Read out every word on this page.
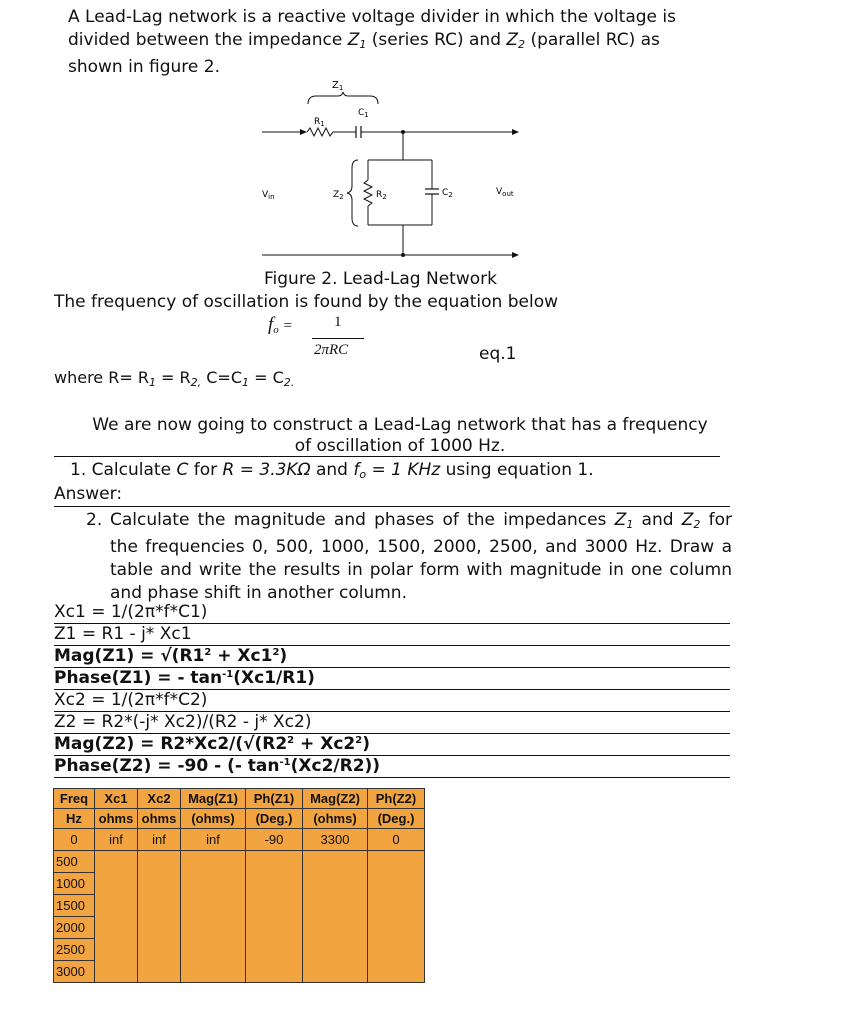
A Lead-Lag network is a reactive voltage divider in which the voltage is
divided between the impedance $Z_1$ (series RC) and $Z_2$ (parallel RC) as
shown in figure 2.
$Z_1$
$R_1$
$C_1$
$R_2$	$C_2$
$Z_2$
$V_{in}$	$V_{out}$
Figure 2. Lead-Lag Network
The frequency of oscillation is found by the equation below
fo =	1
2πRC	eq.1
where $R= R_1 = R_{2,}$ $C=C_1 = C_{2.}$
We are now going to construct a Lead-Lag network that has a frequency
of oscillation of 1000 Hz.
1. Calculate C for R = 3.3KΩ and $f_o = 1$ KHz using equation 1.
Answer:
2. Calculate the magnitude and phases of the impedances $Z_1$ and $Z_2$ for the frequencies 0, 500, 1000, 1500, 2000, 2500, and 3000 Hz. Draw a table and write the results in polar form with magnitude in one column and phase shift in another column.
Xc1 = 1/(2π*f*C1)
Z1 = R1 - j* Xc1
$Mag(Z1) = √(R1^2 + Xc1^2)$
Phase(Z1) = - $\tan^{-1}(Xc1/R1)$
Xc2 = 1/(2π*f*C2)
Z2 = R2*(-j* Xc2)/(R2 - j* Xc2)
$Mag(Z2) = R2*Xc2/(√(R2^2 + Xc2^2)$
Phase(Z2) = -90 - (- $\tan^{-1}(Xc2/R2)$)
Freq	Xc1	Xc2	Mag(Z1)	Ph(Z1)	Mag(Z2)	Ph(Z2)
Hz	ohms	ohms	(ohms)	(Deg.)	(ohms)	(Deg.)
0	inf	inf	inf	-90	3300	0
500						
1000						
1500						
2000						
2500						
3000						
